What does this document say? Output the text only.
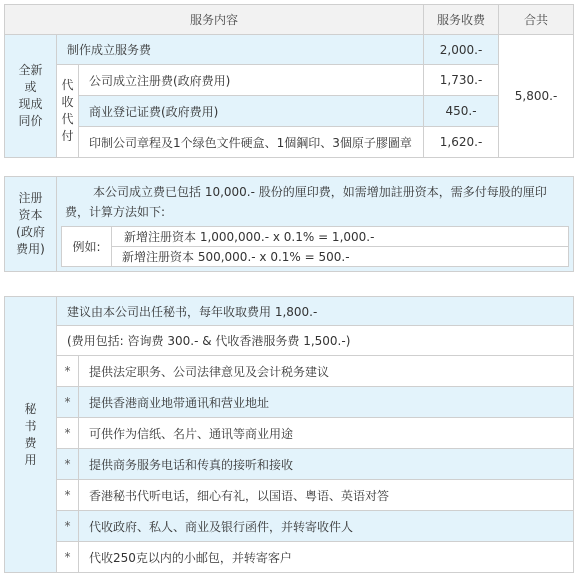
服务内容			服务收费	合共

全新
或
现成
同价	制作成立服务费		2,000.-	5,800.-

	代
收
代
付	公司成立注册费(政府费用)	1,730.-	
		商业登记证费(政府费用)	450.-	
		印制公司章程及1个绿色文件硬盒、1個鋼印、3個原子膠圖章	1,620.-	
注册
资本
(政府
费用)

本公司成立费已包括 10,000.- 股份的厘印费，如需增加註册资本，需多付每股的厘印费，计算方法如下:
例如:	新增注册资本 1,000,000.- x 0.1% = 1,000.-
新增注册资本 500,000.- x 0.1% = 500.-
秘
书
费
用	建议由本公司出任秘书，每年收取费用 1,800.-	
	(费用包括: 咨询费 300.- & 代收香港服务费 1,500.-)	
	*	提供法定职务、公司法律意见及会计税务建议
	*	提供香港商业地带通讯和营业地址
	*	可供作为信纸、名片、通讯等商业用途
	*	提供商务服务电话和传真的接听和接收
	*	香港秘书代听电话，细心有礼，以国语、粤语、英语对答
	*	代收政府、私人、商业及银行函件，并转寄收件人
	*	代收250克以内的小邮包，并转寄客户
